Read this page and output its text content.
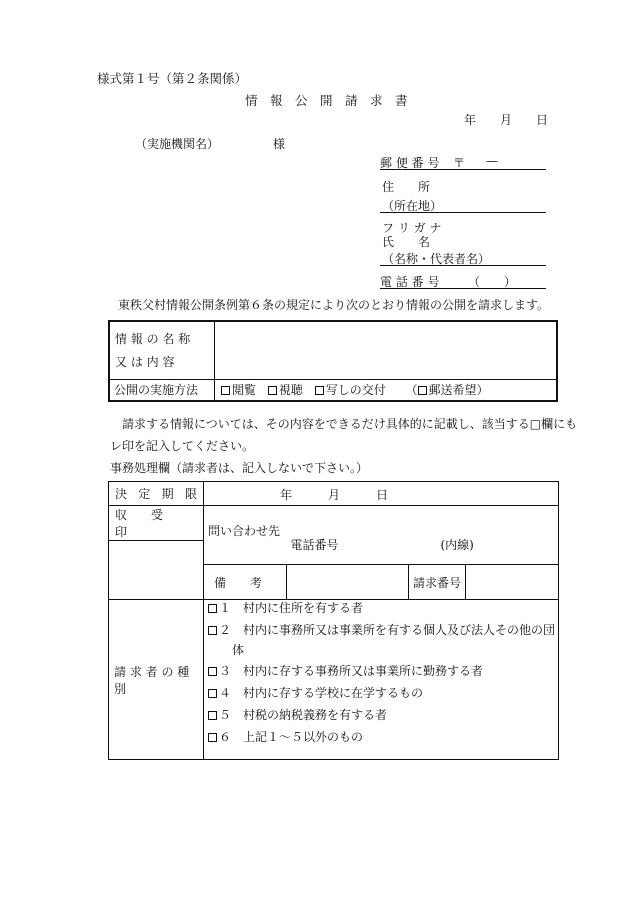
様式第１号（第２条関係）
情　報　公　開　請　求　書
年 月 日
（実施機関名）	様
郵 便 番 号 〒 —
住　　所
（所在地）
フ リ ガ ナ
氏　　名
（名称・代表者名）
電 話 番 号 （　　）
東秩父村情報公開条例第６条の規定により次のとおり情報の公開を請求します。
情 報 の 名 称
又 は 内 容	

公開の実施方法	閲覧 視聴 写しの交付 （ 郵送希望）
請求する情報については、その内容をできるだけ具体的に記載し、該当する□欄にも
レ印を記入してください。
事務処理欄（請求者は、記入しないで下さい。）
決 定 期 限	年 月 日			

収　　受　　印	問い合わせ先	電話番号 (内線)		

	備　　考		請求番号	

請 求 者 の 種 別				

１　村内に住所を有する者
２　村内に事務所又は事業所を有する個人及び法人その他の団
体
３　村内に存する事務所又は事業所に勤務する者
４　村内に存する学校に在学するもの
５　村税の納税義務を有する者
６　上記１～５以外のもの
